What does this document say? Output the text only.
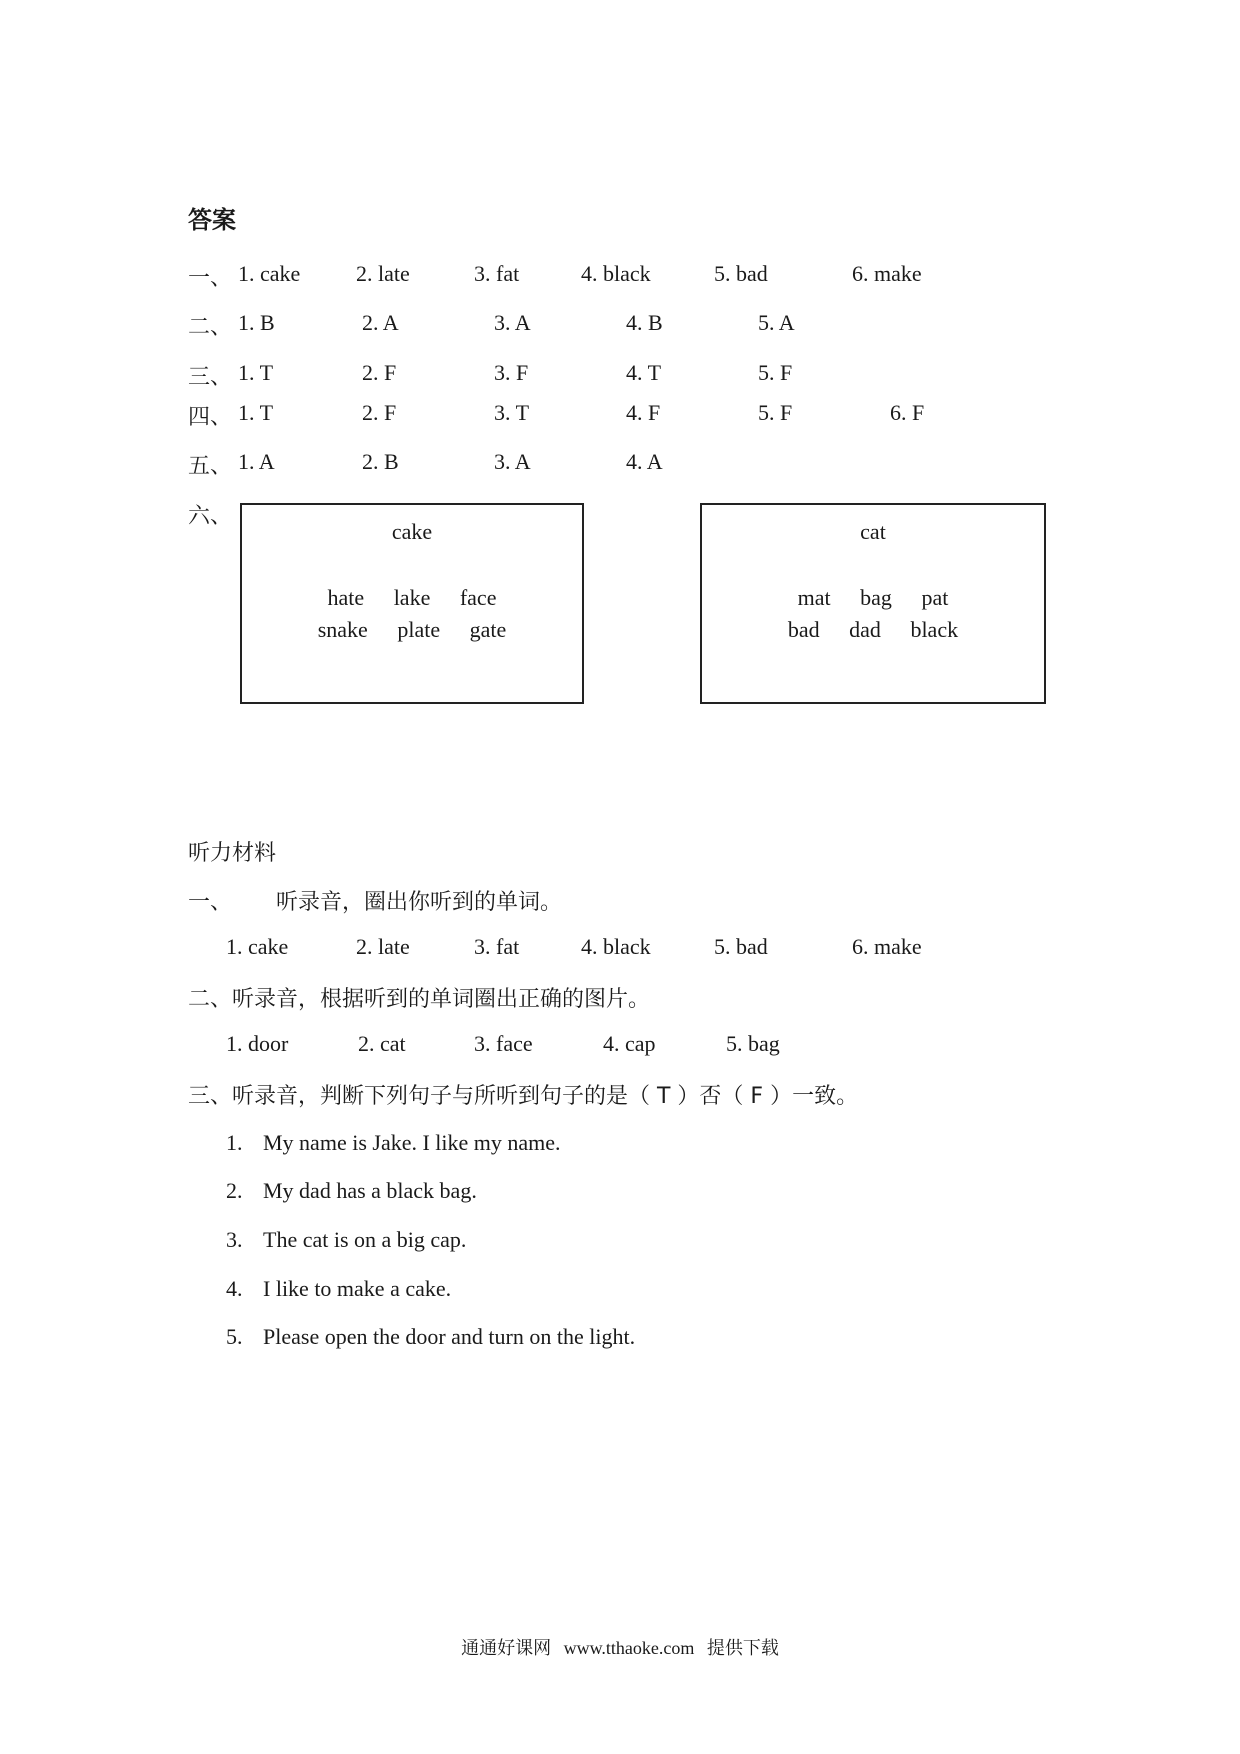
答案
一、 1. cake	2. late	3. fat	4. black	5. bad	6. make
二、 1. B	2. A	3. A	4. B	5. A
三、 1. T	2. F	3. F	4. T	5. F
四、 1. T	2. F	3. T	4. F	5. F	6. F
五、 1. A	2. B	3. A	4. A
六、
cake
hate lake face
snake plate gate
cat
mat bag pat
bad dad black
听力材料
一、 听录音，圈出你听到的单词。
1. cake	2. late	3. fat	4. black	5. bad	6. make
二、听录音，根据听到的单词圈出正确的图片。
1. door	2. cat	3. face	4. cap	5. bag
三、听录音，判断下列句子与所听到句子的是（ T ）否（ F ）一致。
1. My name is Jake. I like my name.
2. My dad has a black bag.
3. The cat is on a big cap.
4. I like to make a cake.
5. Please open the door and turn on the light.
通通好课网 www.tthaoke.com 提供下载
